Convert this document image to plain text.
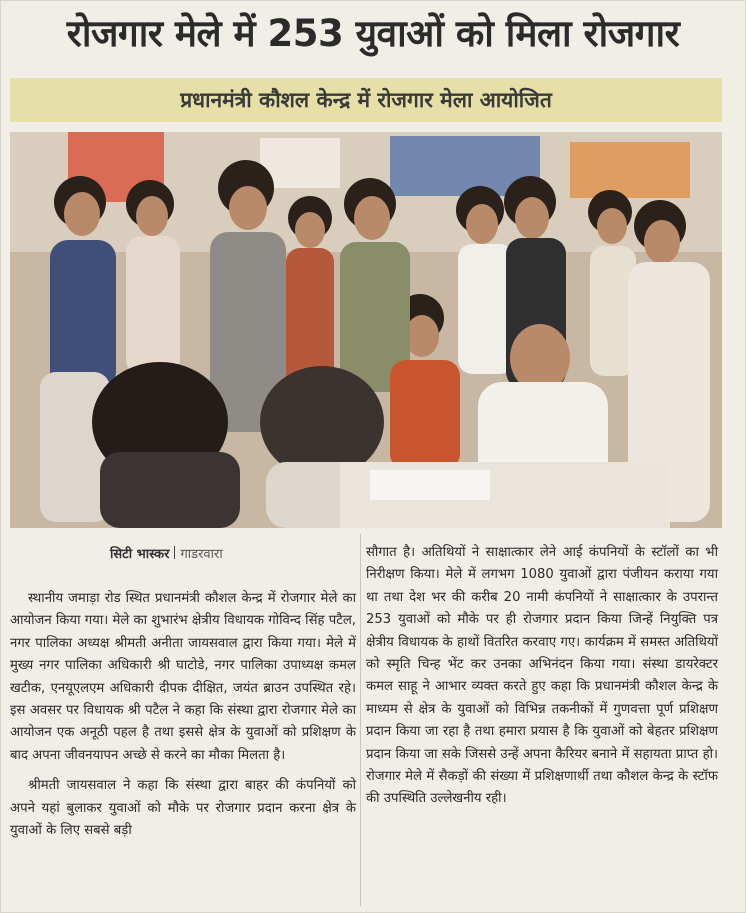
रोजगार मेले में 253 युवाओं को मिला रोजगार
प्रधानमंत्री कौशल केन्द्र में रोजगार मेला आयोजित
सिटी भास्कर गाडरवारा

स्थानीय जमाड़ा रोड स्थित प्रधानमंत्री कौशल केन्द्र में रोजगार मेले का आयोजन किया गया। मेले का शुभारंभ क्षेत्रीय विधायक गोविन्द सिंह पटैल, नगर पालिका अध्यक्ष श्रीमती अनीता जायसवाल द्वारा किया गया। मेले में मुख्य नगर पालिका अधिकारी श्री घाटोडे, नगर पालिका उपाध्यक्ष कमल खटीक, एनयूएलएम अधिकारी दीपक दीक्षित, जयंत ब्राउन उपस्थित रहे। इस अवसर पर विधायक श्री पटैल ने कहा कि संस्था द्वारा रोजगार मेले का आयोजन एक अनूठी पहल है तथा इससे क्षेत्र के युवाओं को प्रशिक्षण के बाद अपना जीवनयापन अच्छे से करने का मौका मिलता है।

श्रीमती जायसवाल ने कहा कि संस्था द्वारा बाहर की कंपनियों को अपने यहां बुलाकर युवाओं को मौके पर रोजगार प्रदान करना क्षेत्र के युवाओं के लिए सबसे बड़ी

सौगात है। अतिथियों ने साक्षात्कार लेने आई कंपनियों के स्टॉलों का भी निरीक्षण किया। मेले में लगभग 1080 युवाओं द्वारा पंजीयन कराया गया था तथा देश भर की करीब 20 नामी कंपनियों ने साक्षात्कार के उपरान्त 253 युवाओं को मौके पर ही रोजगार प्रदान किया जिन्हें नियुक्ति पत्र क्षेत्रीय विधायक के हाथों वितरित करवाए गए। कार्यक्रम में समस्त अतिथियों को स्मृति चिन्ह भेंट कर उनका अभिनंदन किया गया। संस्था डायरेक्टर कमल साहू ने आभार व्यक्त करते हुए कहा कि प्रधानमंत्री कौशल केन्द्र के माध्यम से क्षेत्र के युवाओं को विभिन्न तकनीकों में गुणवत्ता पूर्ण प्रशिक्षण प्रदान किया जा रहा है तथा हमारा प्रयास है कि युवाओं को बेहतर प्रशिक्षण प्रदान किया जा सके जिससे उन्हें अपना कैरियर बनाने में सहायता प्राप्त हो। रोजगार मेले में सैकड़ों की संख्या में प्रशिक्षणार्थी तथा कौशल केन्द्र के स्टॉफ की उपस्थिति उल्लेखनीय रही।
